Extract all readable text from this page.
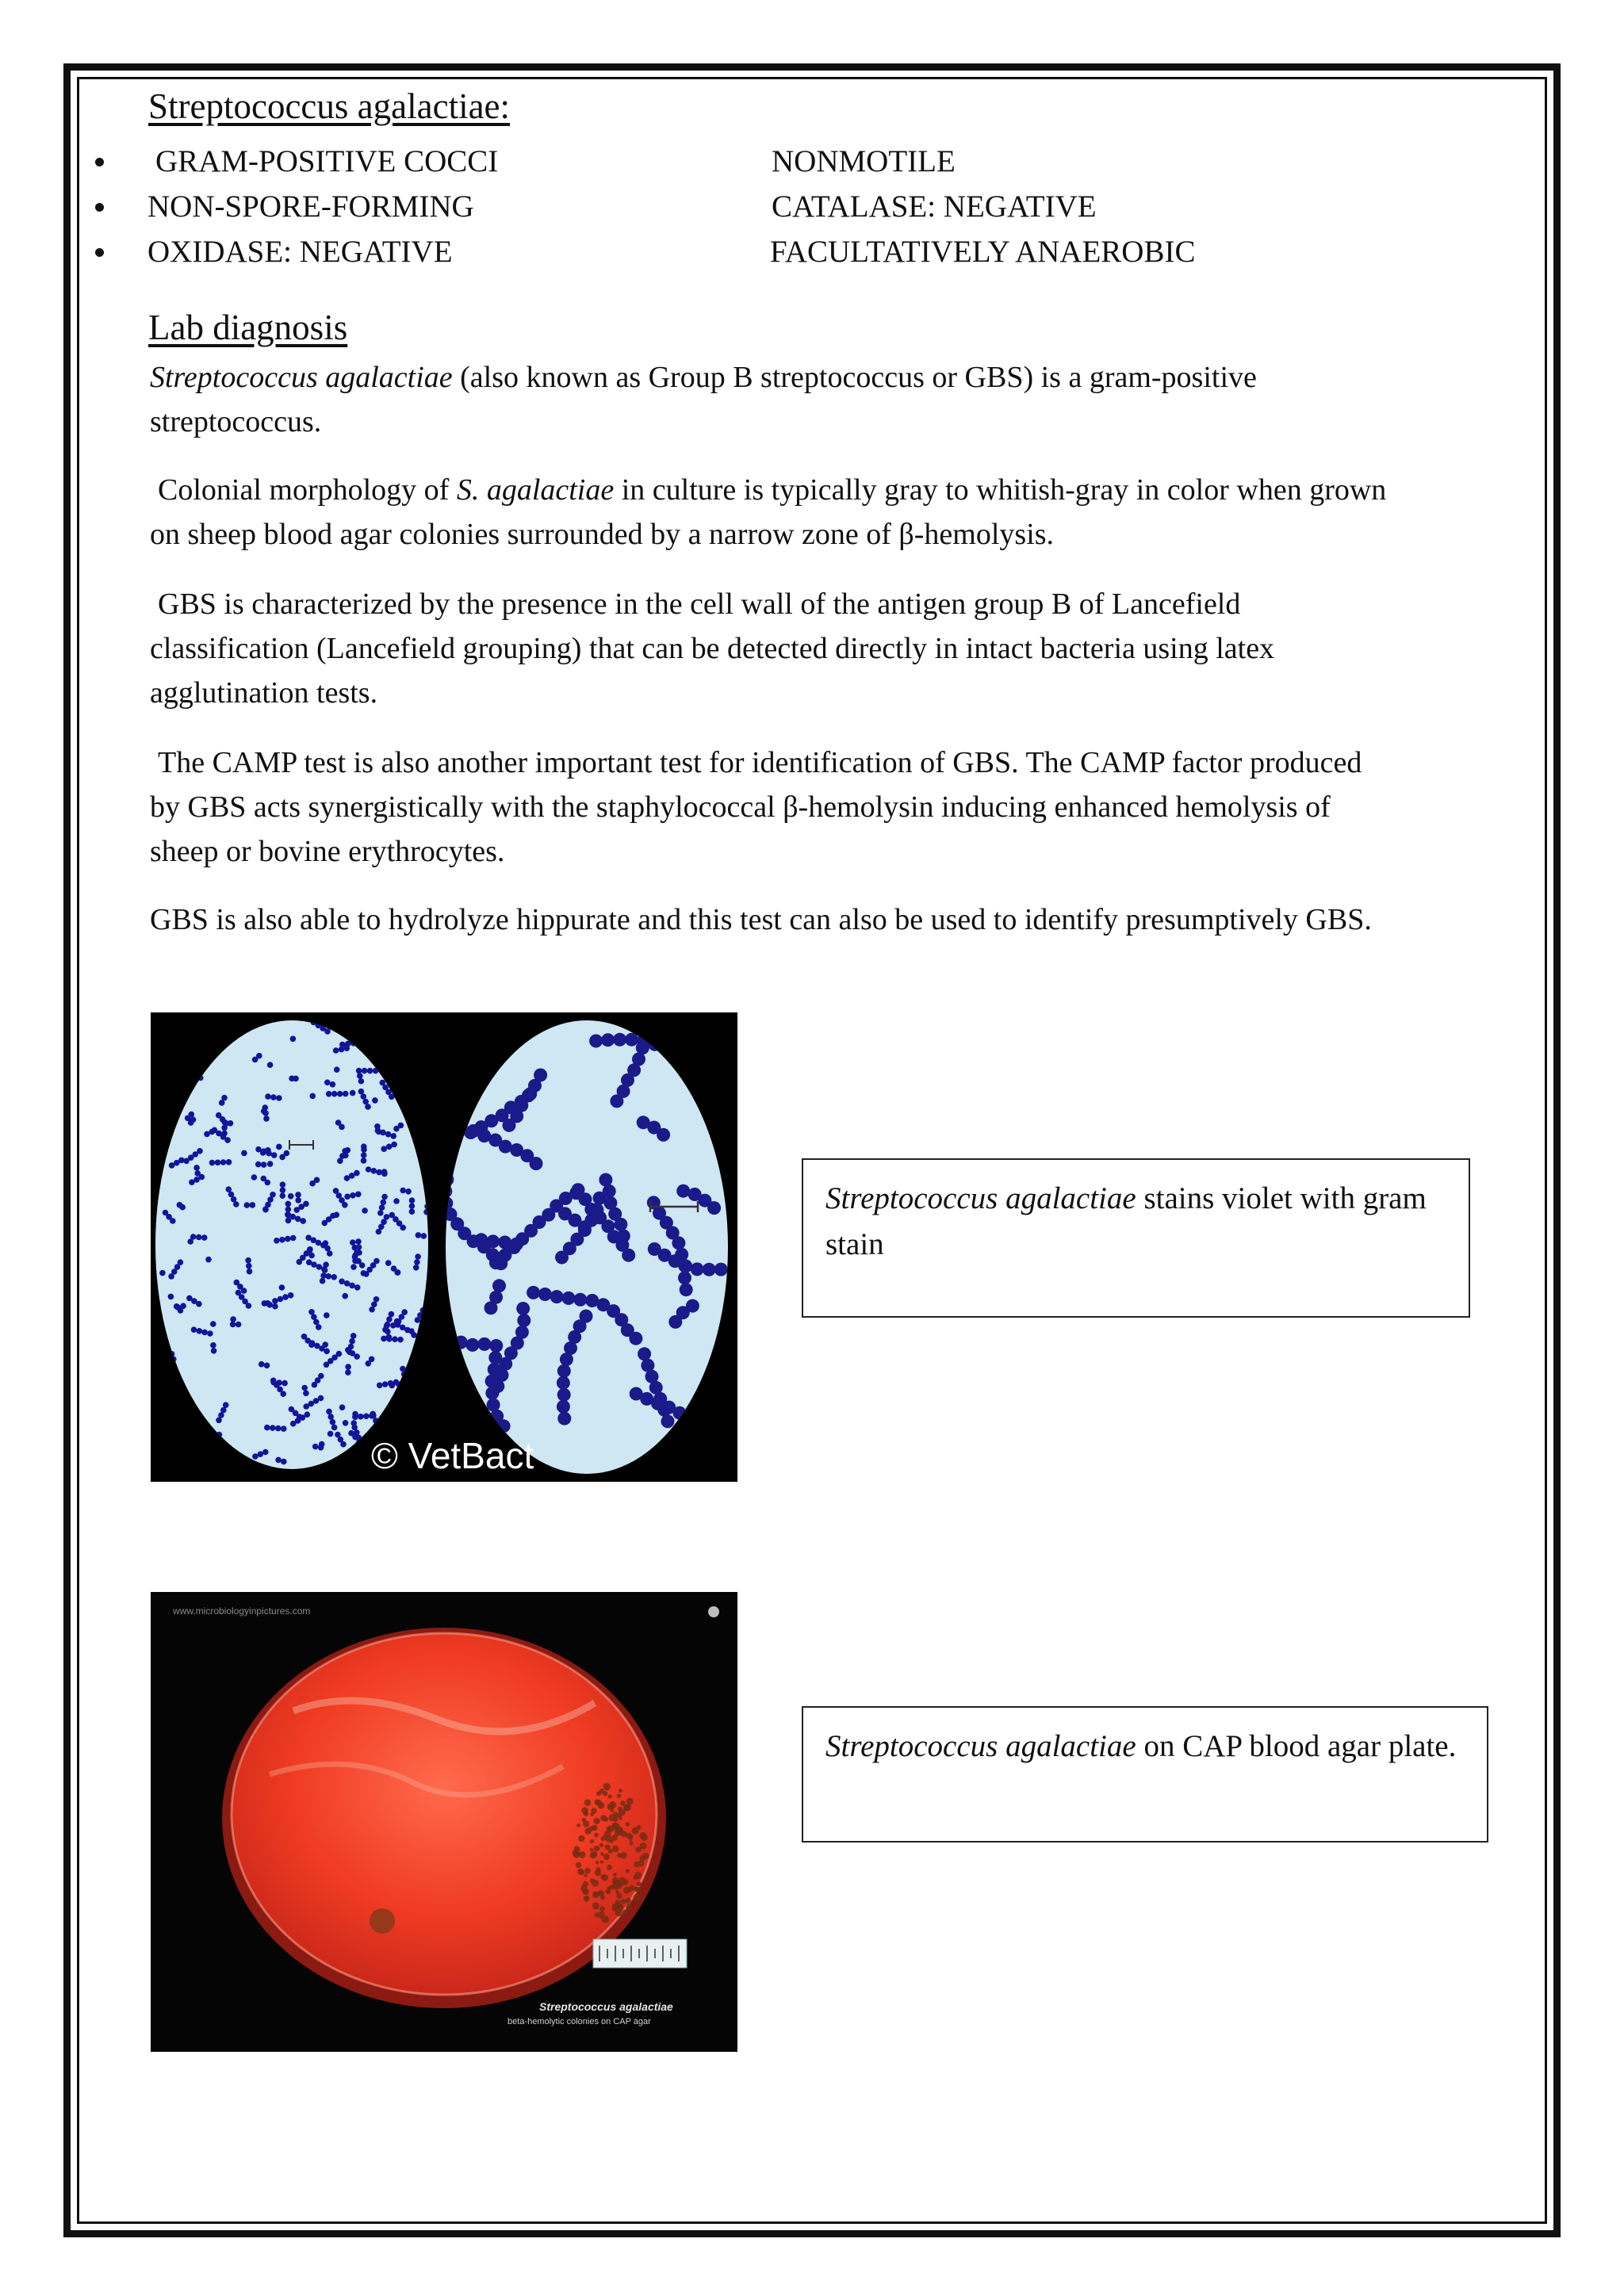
Streptococcus agalactiae:
GRAM-POSITIVE COCCI	NONMOTILE
NON-SPORE-FORMING	CATALASE: NEGATIVE
OXIDASE: NEGATIVE	FACULTATIVELY ANAEROBIC
Lab diagnosis

Streptococcus agalactiae (also known as Group B streptococcus or GBS) is a gram-positive streptococcus.

Colonial morphology of S. agalactiae in culture is typically gray to whitish-gray in color when grown on sheep blood agar colonies surrounded by a narrow zone of β-hemolysis.

GBS is characterized by the presence in the cell wall of the antigen group B of Lancefield classification (Lancefield grouping) that can be detected directly in intact bacteria using latex agglutination tests.

The CAMP test is also another important test for identification of GBS. The CAMP factor produced by GBS acts synergistically with the staphylococcal β-hemolysin inducing enhanced hemolysis of sheep or bovine erythrocytes.

GBS is also able to hydrolyze hippurate and this test can also be used to identify presumptively GBS.

© VetBact
Streptococcus agalactiae stains violet with gram stain
www.microbiologyinpictures.com
Streptococcus agalactiae
beta-hemolytic colonies on CAP agar
Streptococcus agalactiae on CAP blood agar plate.
